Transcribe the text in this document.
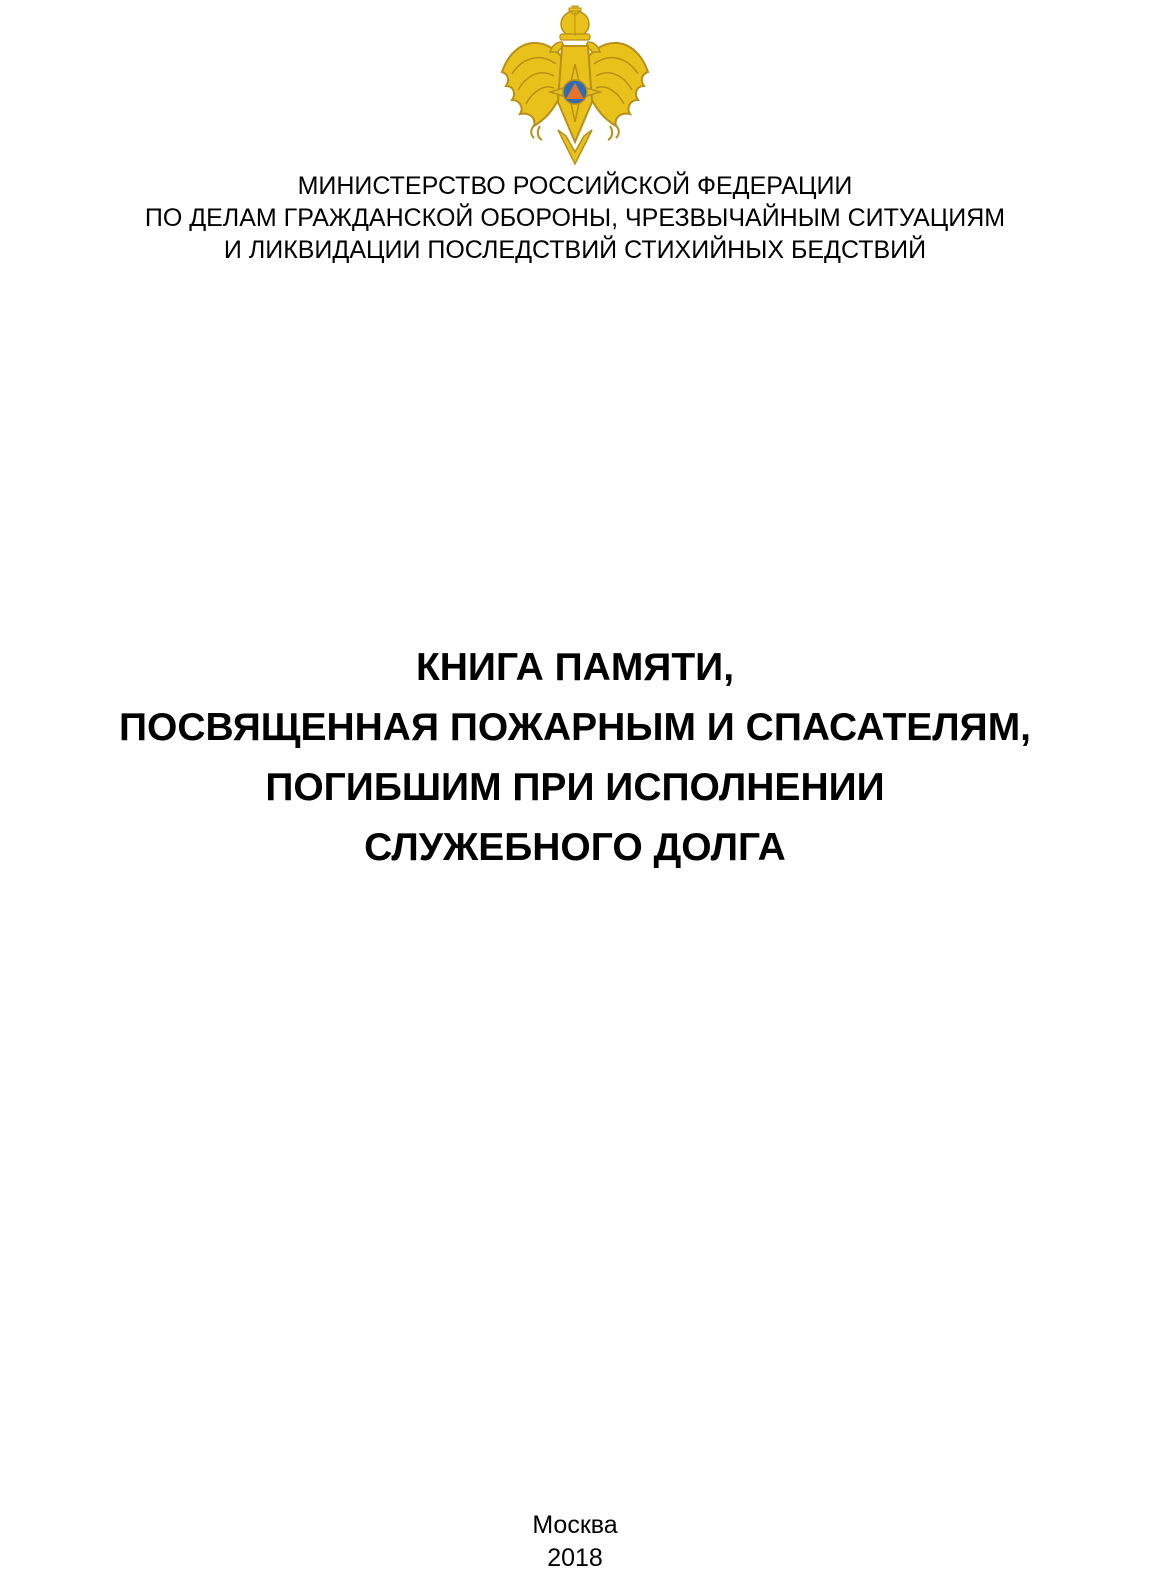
МИНИСТЕРСТВО РОССИЙСКОЙ ФЕДЕРАЦИИ
ПО ДЕЛАМ ГРАЖДАНСКОЙ ОБОРОНЫ, ЧРЕЗВЫЧАЙНЫМ СИТУАЦИЯМ
И ЛИКВИДАЦИИ ПОСЛЕДСТВИЙ СТИХИЙНЫХ БЕДСТВИЙ
КНИГА ПАМЯТИ,
ПОСВЯЩЕННАЯ ПОЖАРНЫМ И СПАСАТЕЛЯМ,
ПОГИБШИМ ПРИ ИСПОЛНЕНИИ
СЛУЖЕБНОГО ДОЛГА
Москва
2018
